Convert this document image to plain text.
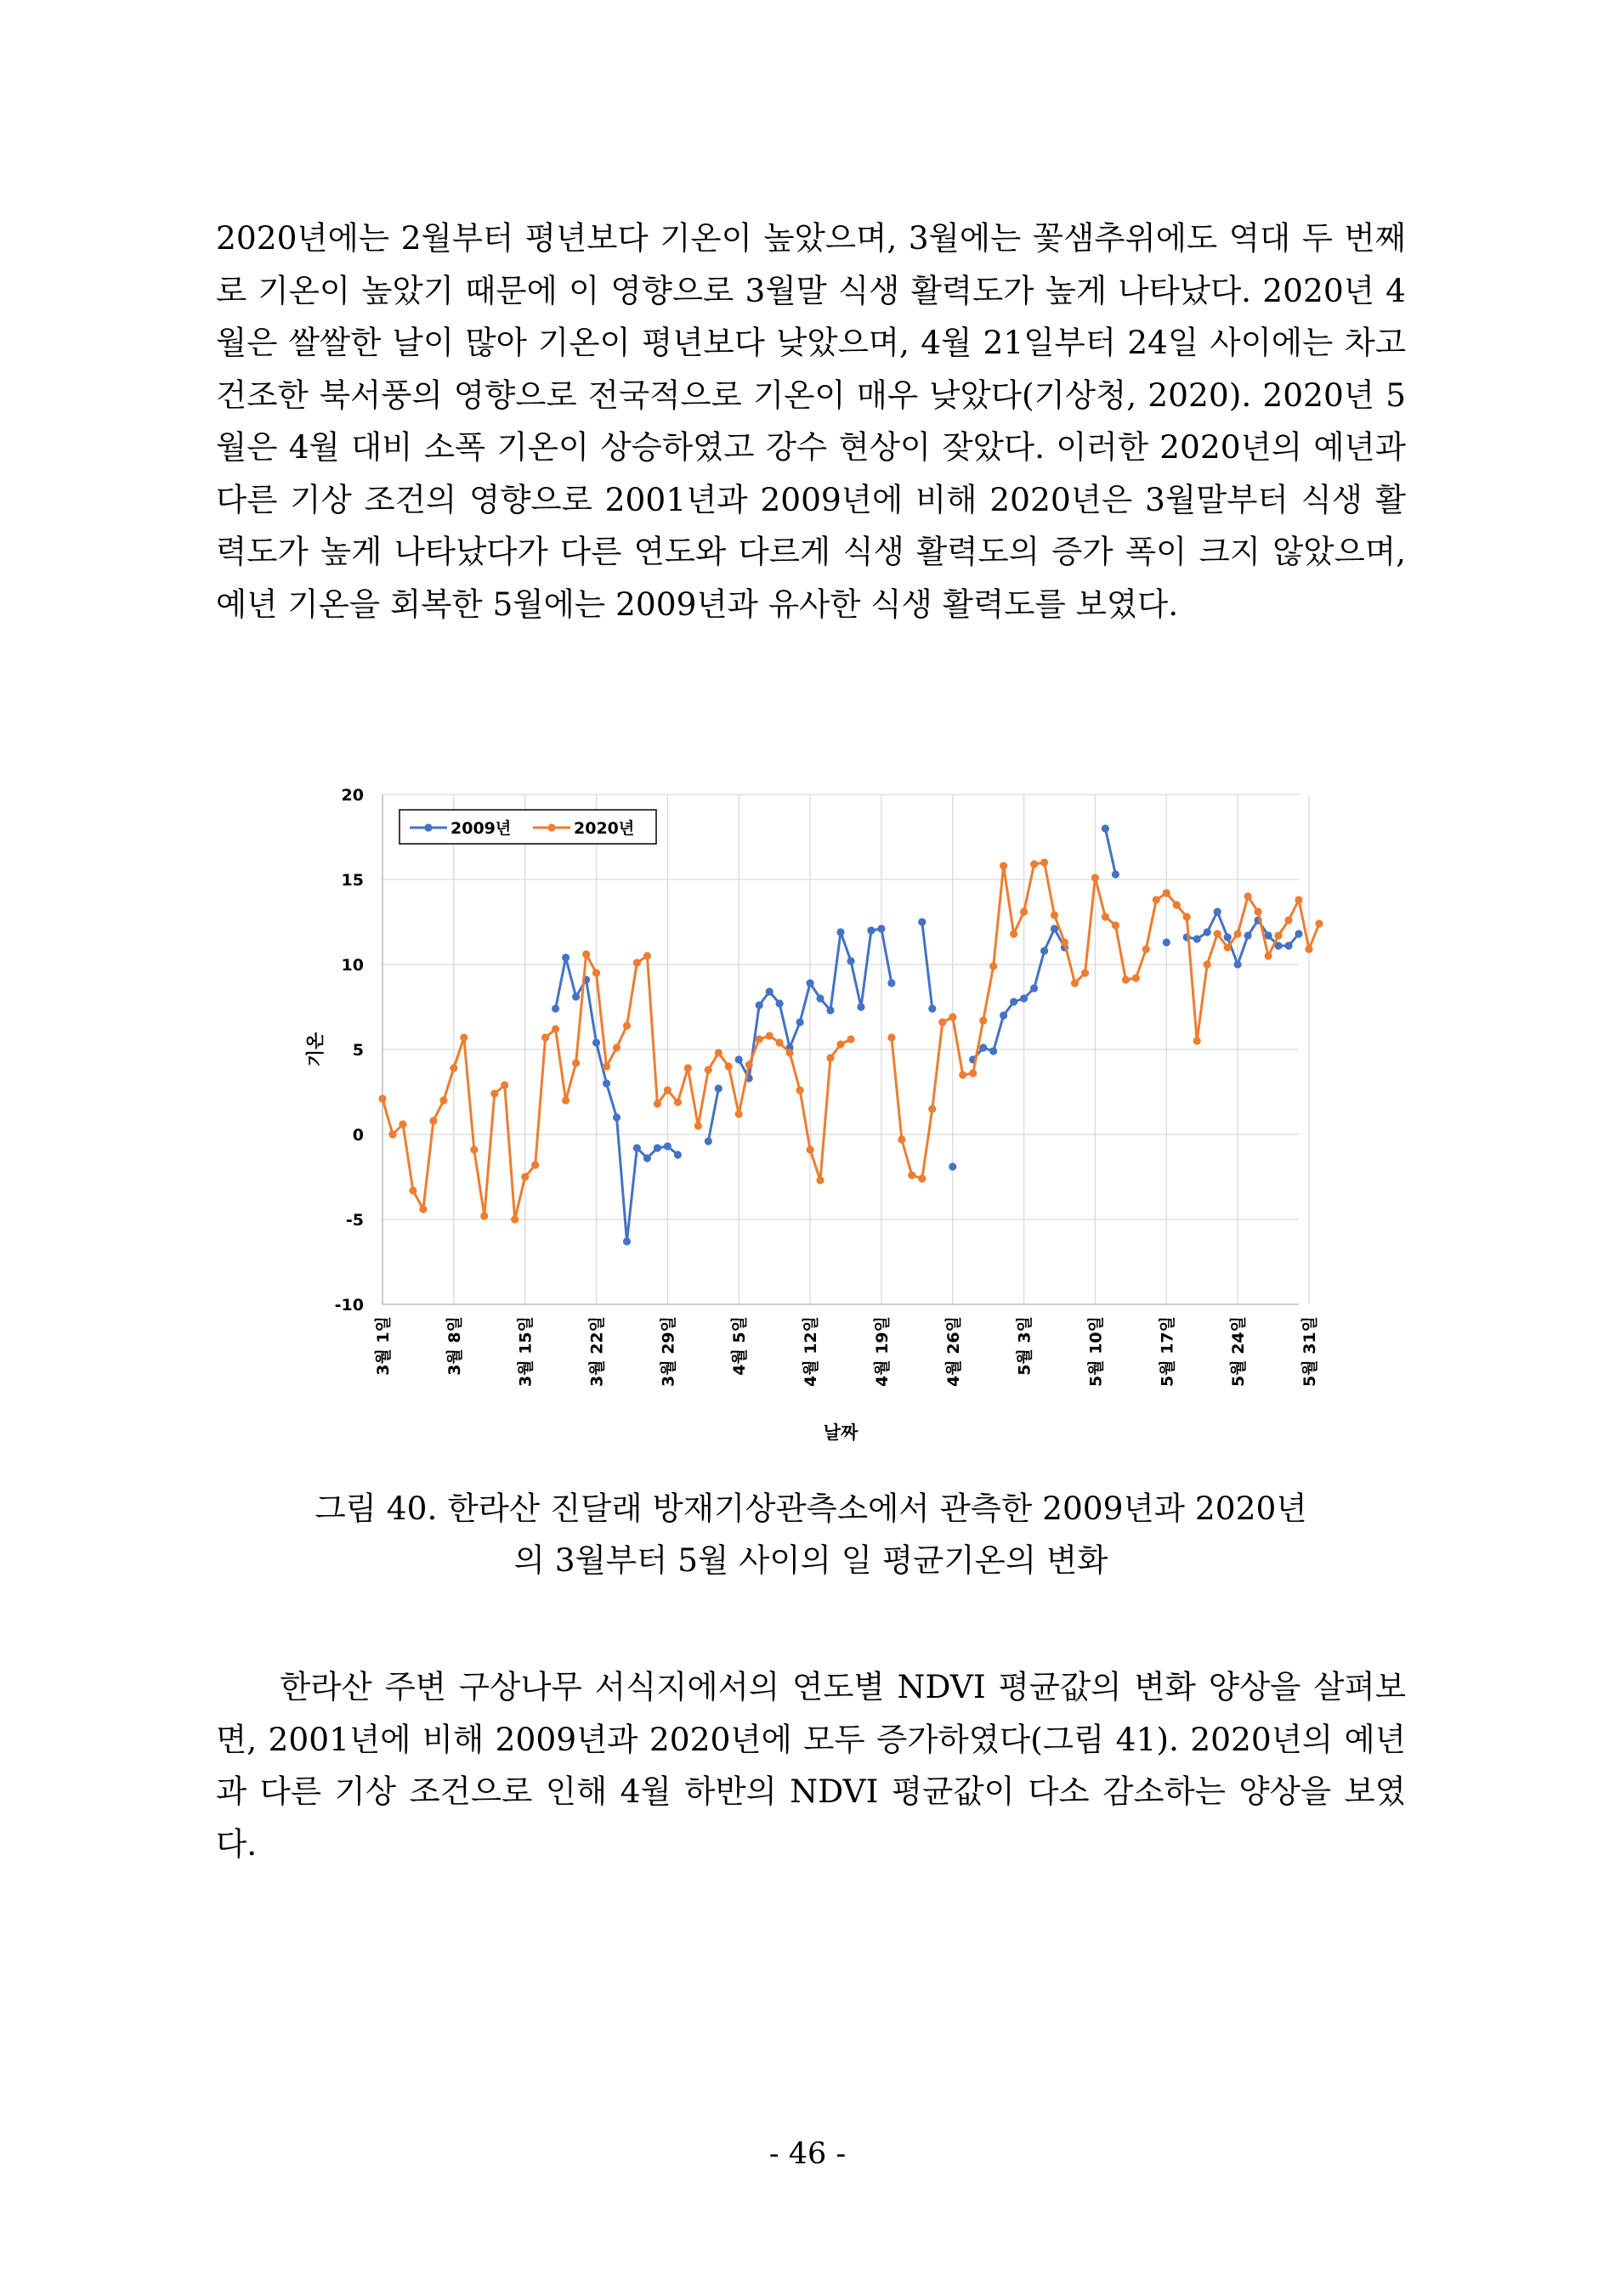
2020년에는 2월부터 평년보다 기온이 높았으며, 3월에는 꽃샘추위에도 역대 두 번째로 기온이 높았기 때문에 이 영향으로 3월말 식생 활력도가 높게 나타났다. 2020년 4월은 쌀쌀한 날이 많아 기온이 평년보다 낮았으며, 4월 21일부터 24일 사이에는 차고 건조한 북서풍의 영향으로 전국적으로 기온이 매우 낮았다(기상청, 2020). 2020년 5월은 4월 대비 소폭 기온이 상승하였고 강수 현상이 잦았다. 이러한 2020년의 예년과 다른 기상 조건의 영향으로 2001년과 2009년에 비해 2020년은 3월말부터 식생 활력도가 높게 나타났다가 다른 연도와 다르게 식생 활력도의 증가 폭이 크지 않았으며, 예년 기온을 회복한 5월에는 2009년과 유사한 식생 활력도를 보였다.

-10
-5
0
5
10
15
20
3월 1일	3월 8일	3월 15일	3월 22일	3월 29일	4월 5일	4월 12일	4월 19일	4월 26일	5월 3일	5월 10일	5월 17일	5월 24일	5월 31일
날짜
기온
2009년	2020년

그림 40. 한라산 진달래 방재기상관측소에서 관측한 2009년과 2020년

의 3월부터 5월 사이의 일 평균기온의 변화

한라산 주변 구상나무 서식지에서의 연도별 NDVI 평균값의 변화 양상을 살펴보면, 2001년에 비해 2009년과 2020년에 모두 증가하였다(그림 41). 2020년의 예년과 다른 기상 조건으로 인해 4월 하반의 NDVI 평균값이 다소 감소하는 양상을 보였다.

- 46 -
